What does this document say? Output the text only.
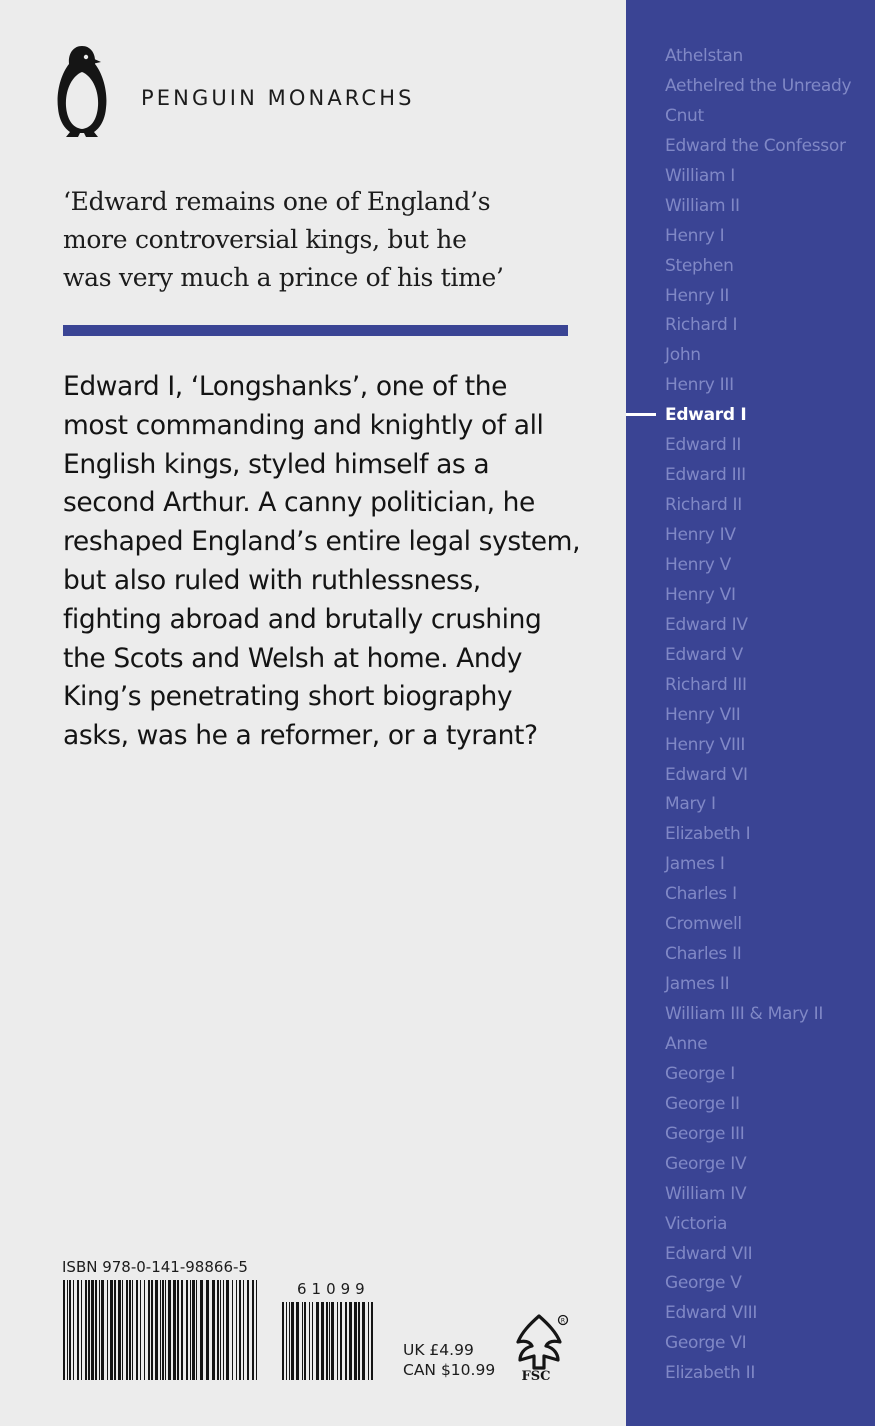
PENGUIN MONARCHS
‘Edward remains one of England’s
more controversial kings, but he
was very much a prince of his time’
Edward I, ‘Longshanks’, one of the
most commanding and knightly of all
English kings, styled himself as a
second Arthur. A canny politician, he
reshaped England’s entire legal system,
but also ruled with ruthlessness,
fighting abroad and brutally crushing
the Scots and Welsh at home. Andy
King’s penetrating short biography
asks, was he a reformer, or a tyrant?
Athelstan
Aethelred the Unready
Cnut
Edward the Confessor
William I
William II
Henry I
Stephen
Henry II
Richard I
John
Henry III
Edward I
Edward II
Edward III
Richard II
Henry IV
Henry V
Henry VI
Edward IV
Edward V
Richard III
Henry VII
Henry VIII
Edward VI
Mary I
Elizabeth I
James I
Charles I
Cromwell
Charles II
James II
William III & Mary II
Anne
George I
George II
George III
George IV
William IV
Victoria
Edward VII
George V
Edward VIII
George VI
Elizabeth II
ISBN 978-0-141-98866-5
61099
UK £4.99
CAN $10.99
R
FSC
